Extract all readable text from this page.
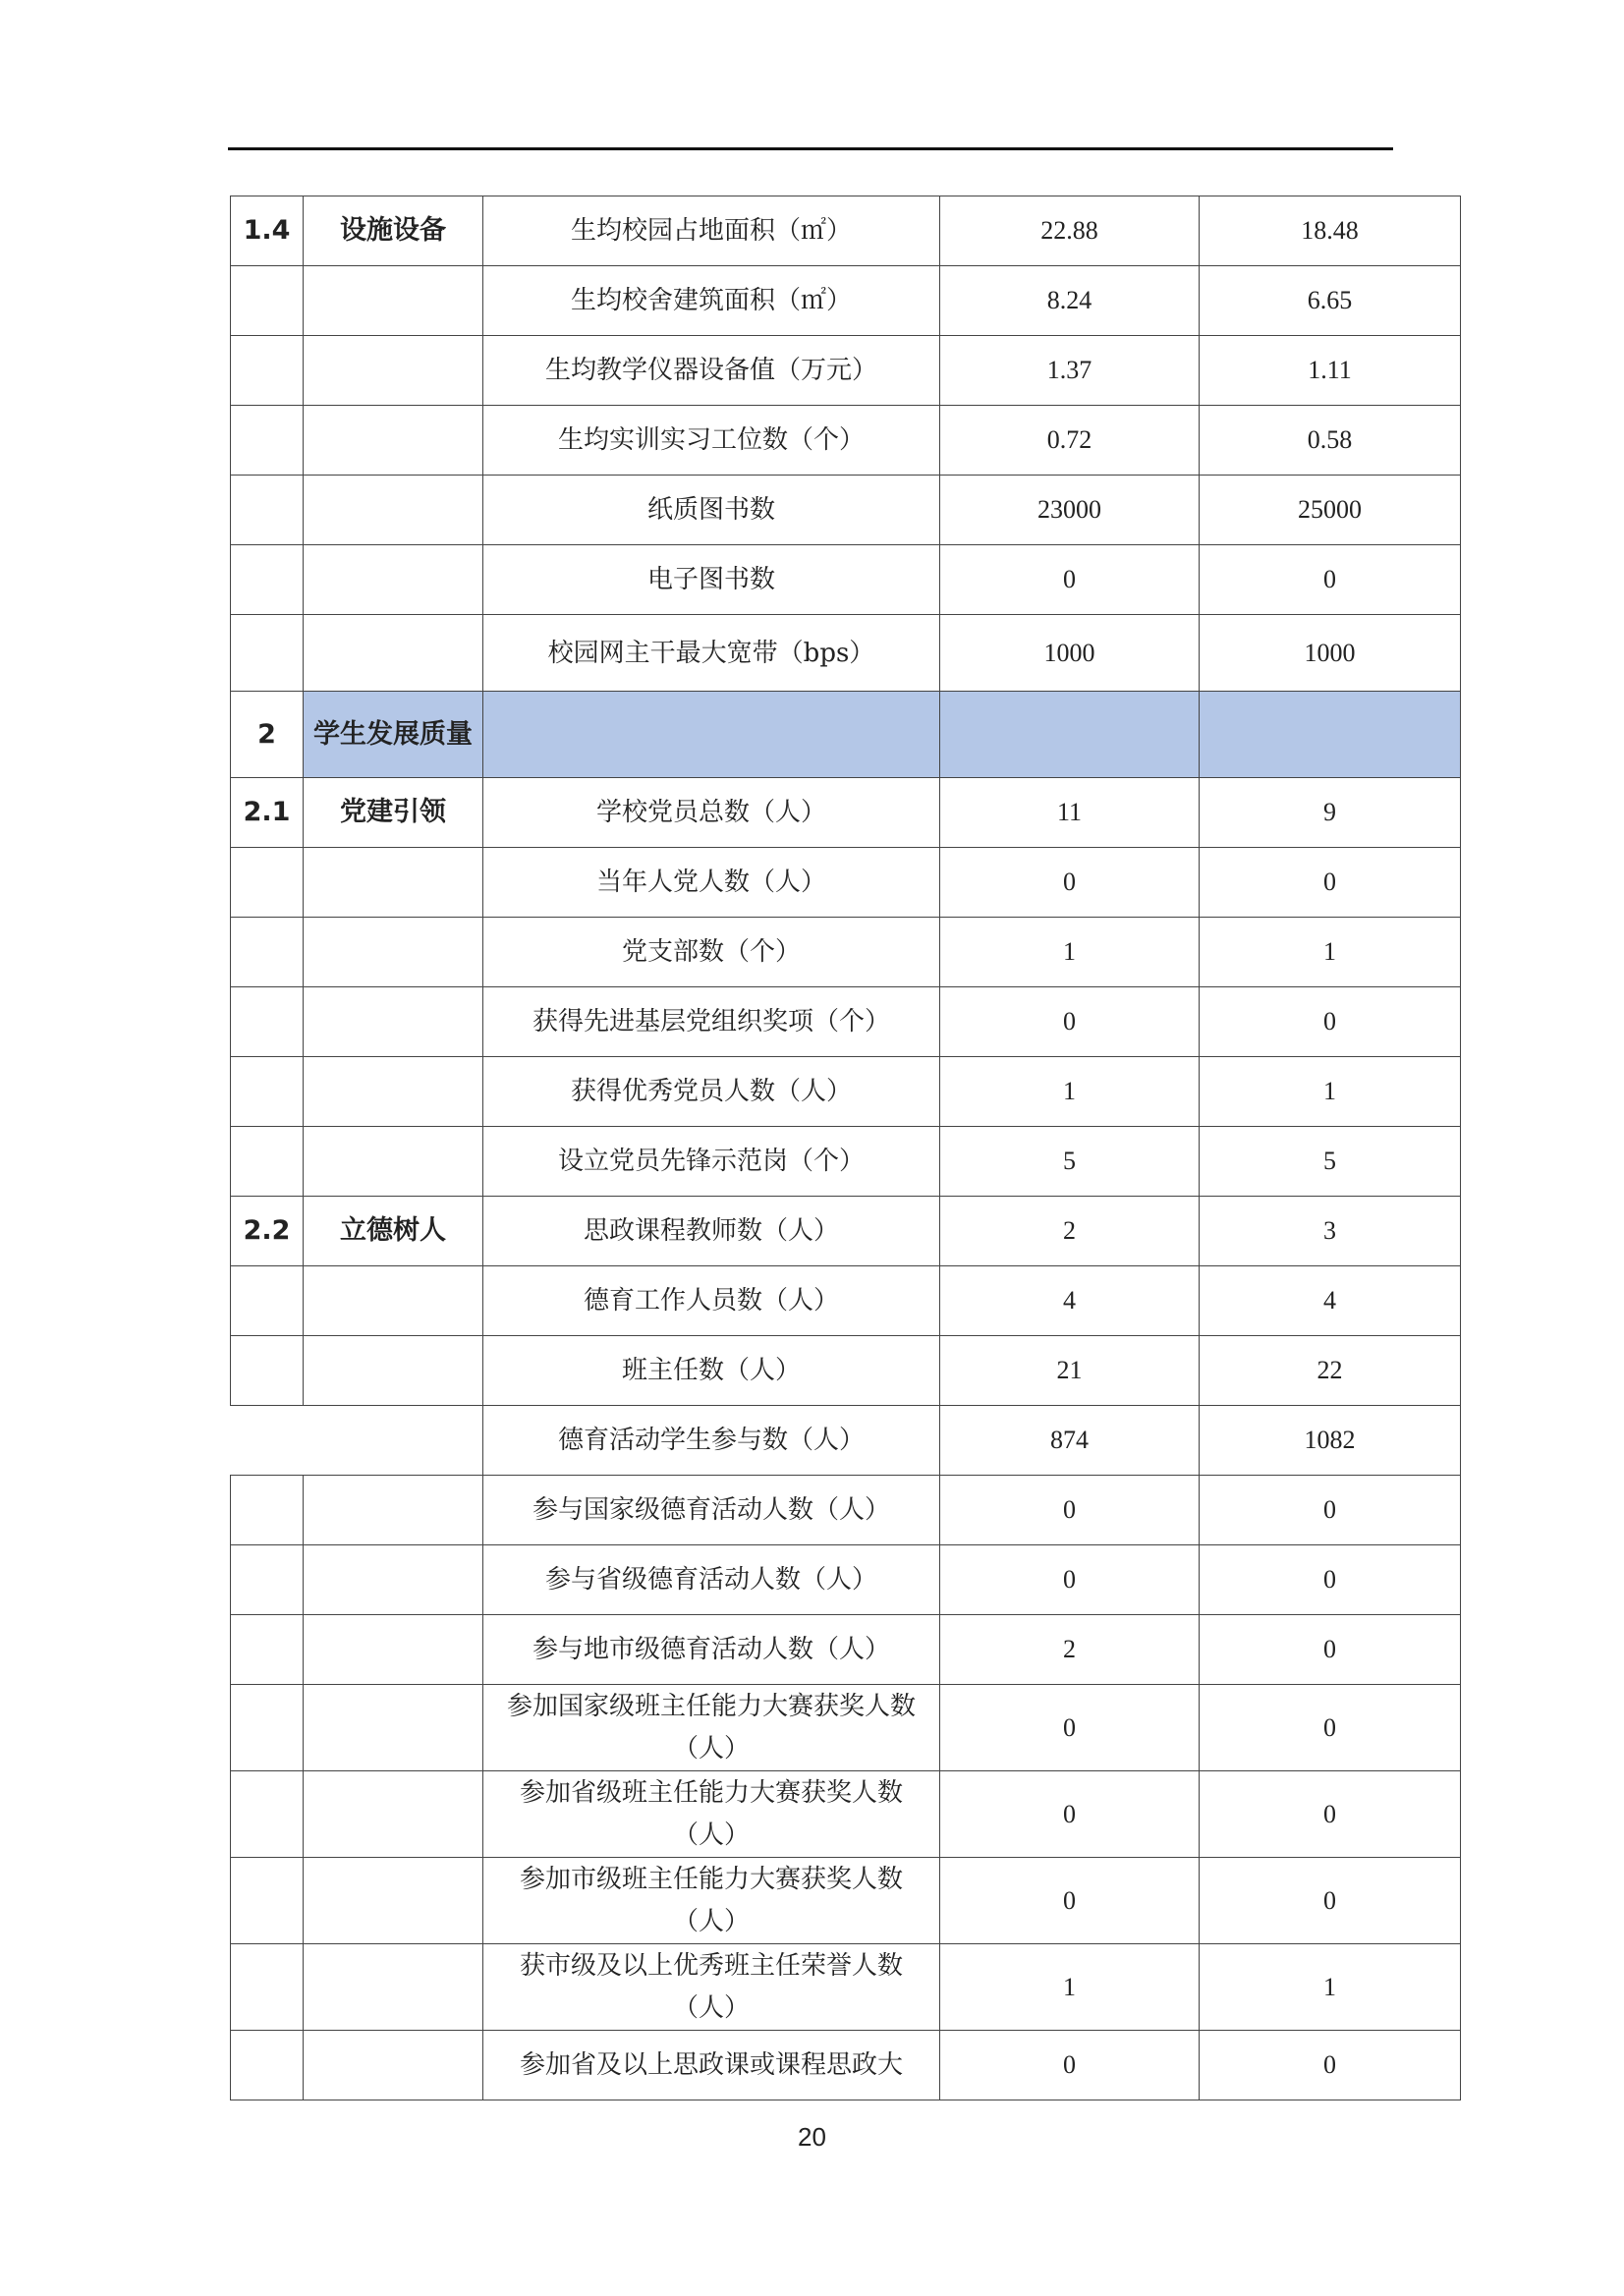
1.4	设施设备	生均校园占地面积（㎡）	22.88	18.48
		生均校舍建筑面积（㎡）	8.24	6.65
		生均教学仪器设备值（万元）	1.37	1.11
		生均实训实习工位数（个）	0.72	0.58
		纸质图书数	23000	25000
		电子图书数	0	0
		校园网主干最大宽带（bps）	1000	1000
2	学生发展质量			
2.1	党建引领	学校党员总数（人）	11	9
		当年人党人数（人）	0	0
		党支部数（个）	1	1
		获得先进基层党组织奖项（个）	0	0
		获得优秀党员人数（人）	1	1
		设立党员先锋示范岗（个）	5	5
2.2	立德树人	思政课程教师数（人）	2	3
		德育工作人员数（人）	4	4
		班主任数（人）	21	22
		德育活动学生参与数（人）	874	1082
		参与国家级德育活动人数（人）	0	0
		参与省级德育活动人数（人）	0	0
		参与地市级德育活动人数（人）	2	0
		参加国家级班主任能力大赛获奖人数（人）	0	0
		参加省级班主任能力大赛获奖人数（人）	0	0
		参加市级班主任能力大赛获奖人数（人）	0	0
		获市级及以上优秀班主任荣誉人数（人）	1	1
		参加省及以上思政课或课程思政大	0	0
20
